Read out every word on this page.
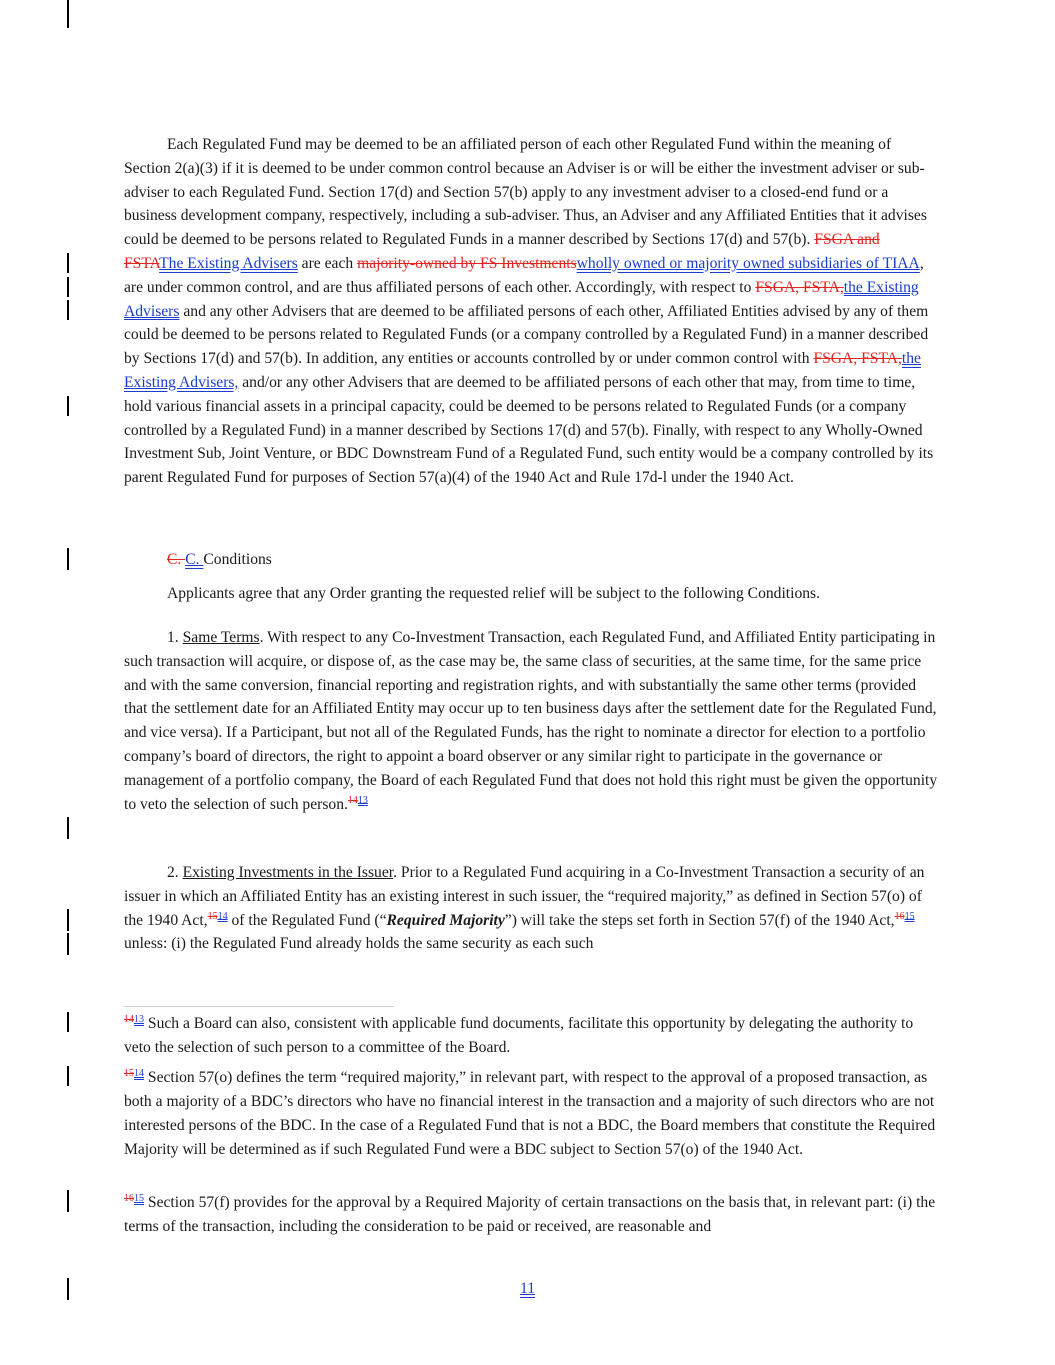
Each Regulated Fund may be deemed to be an affiliated person of each other Regulated Fund within the meaning of Section 2(a)(3) if it is deemed to be under common control because an Adviser is or will be either the investment adviser or sub-adviser to each Regulated Fund. Section 17(d) and Section 57(b) apply to any investment adviser to a closed-end fund or a business development company, respectively, including a sub-adviser. Thus, an Adviser and any Affiliated Entities that it advises could be deemed to be persons related to Regulated Funds in a manner described by Sections 17(d) and 57(b). FSGA and FSTAThe Existing Advisers are each majority-owned by FS Investmentswholly owned or majority owned subsidiaries of TIAA, are under common control, and are thus affiliated persons of each other. Accordingly, with respect to FSGA, FSTA,the Existing Advisers and any other Advisers that are deemed to be affiliated persons of each other, Affiliated Entities advised by any of them could be deemed to be persons related to Regulated Funds (or a company controlled by a Regulated Fund) in a manner described by Sections 17(d) and 57(b). In addition, any entities or accounts controlled by or under common control with FSGA, FSTA,the Existing Advisers, and/or any other Advisers that are deemed to be affiliated persons of each other that may, from time to time, hold various financial assets in a principal capacity, could be deemed to be persons related to Regulated Funds (or a company controlled by a Regulated Fund) in a manner described by Sections 17(d) and 57(b). Finally, with respect to any Wholly-Owned Investment Sub, Joint Venture, or BDC Downstream Fund of a Regulated Fund, such entity would be a company controlled by its parent Regulated Fund for purposes of Section 57(a)(4) of the 1940 Act and Rule 17d-l under the 1940 Act.
C. C. Conditions
Applicants agree that any Order granting the requested relief will be subject to the following Conditions.
1. Same Terms. With respect to any Co-Investment Transaction, each Regulated Fund, and Affiliated Entity participating in such transaction will acquire, or dispose of, as the case may be, the same class of securities, at the same time, for the same price and with the same conversion, financial reporting and registration rights, and with substantially the same other terms (provided that the settlement date for an Affiliated Entity may occur up to ten business days after the settlement date for the Regulated Fund, and vice versa). If a Participant, but not all of the Regulated Funds, has the right to nominate a director for election to a portfolio company’s board of directors, the right to appoint a board observer or any similar right to participate in the governance or management of a portfolio company, the Board of each Regulated Fund that does not hold this right must be given the opportunity to veto the selection of such person.$^{1413}$
2. Existing Investments in the Issuer. Prior to a Regulated Fund acquiring in a Co-Investment Transaction a security of an issuer in which an Affiliated Entity has an existing interest in such issuer, the “required majority,” as defined in Section 57(o) of the 1940 Act,$^{1514}$ of the Regulated Fund (“Required Majority”) will take the steps set forth in Section 57(f) of the 1940 Act,$^{1615}$ unless: (i) the Regulated Fund already holds the same security as each such
$^{1413}$ Such a Board can also, consistent with applicable fund documents, facilitate this opportunity by delegating the authority to veto the selection of such person to a committee of the Board.
$^{1514}$ Section 57(o) defines the term “required majority,” in relevant part, with respect to the approval of a proposed transaction, as both a majority of a BDC’s directors who have no financial interest in the transaction and a majority of such directors who are not interested persons of the BDC. In the case of a Regulated Fund that is not a BDC, the Board members that constitute the Required Majority will be determined as if such Regulated Fund were a BDC subject to Section 57(o) of the 1940 Act.
$^{1615}$ Section 57(f) provides for the approval by a Required Majority of certain transactions on the basis that, in relevant part: (i) the terms of the transaction, including the consideration to be paid or received, are reasonable and
11
